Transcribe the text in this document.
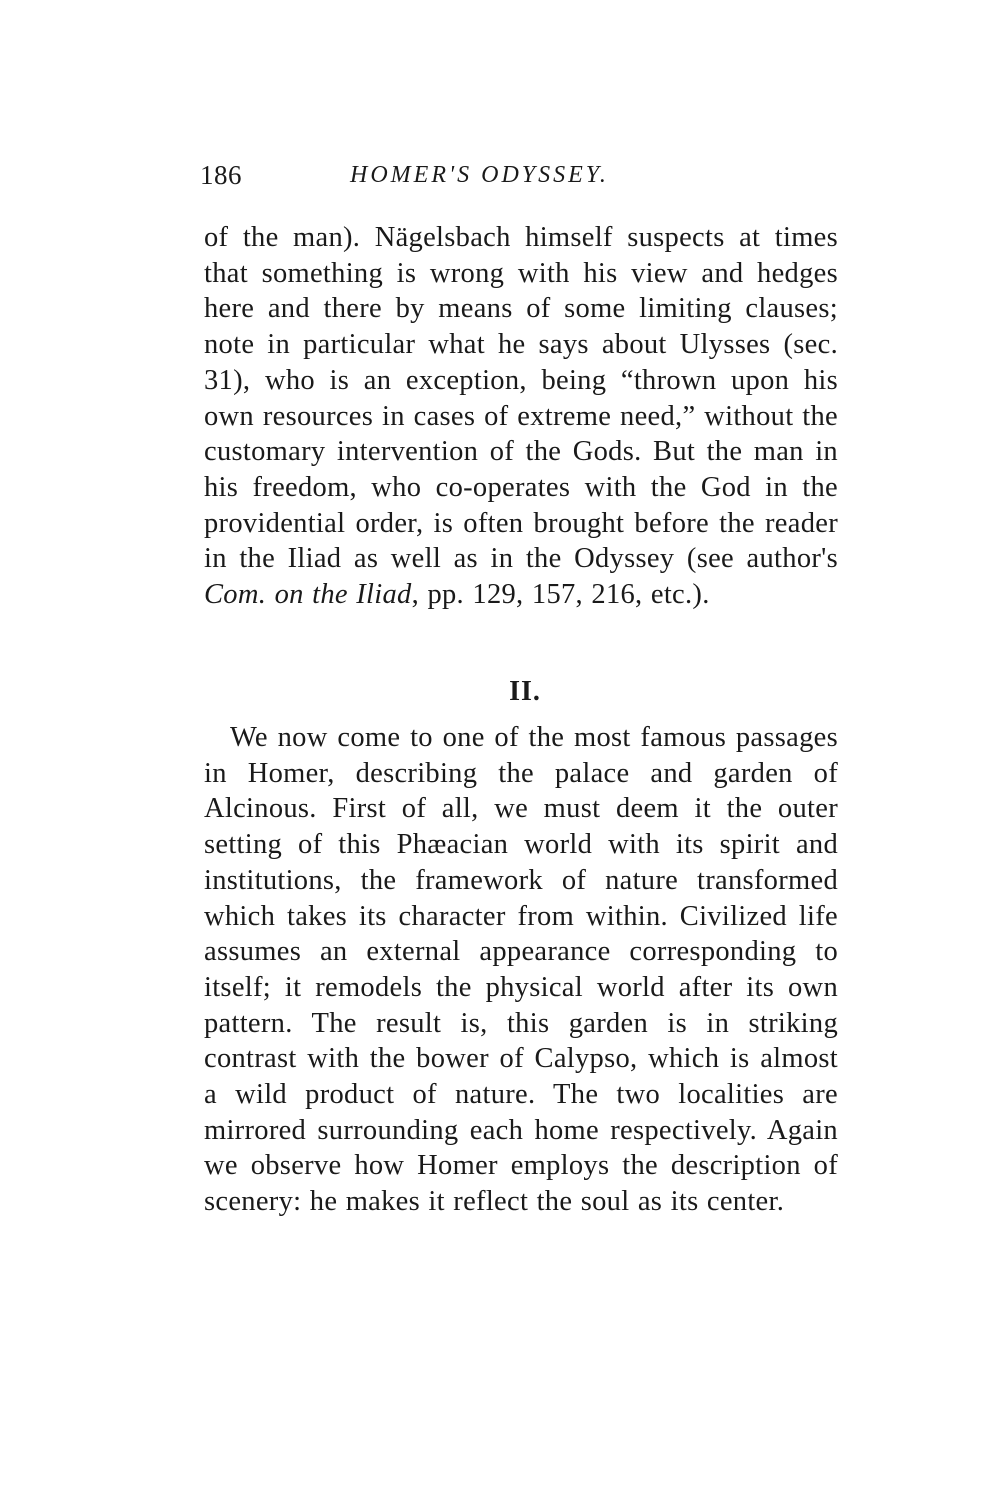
186	HOMER'S ODYSSEY.

of the man). Nägelsbach himself suspects at times that something is wrong with his view and hedges here and there by means of some limiting clauses; note in particular what he says about Ulysses (sec. 31), who is an exception, being “thrown upon his own resources in cases of extreme need,” without the customary intervention of the Gods. But the man in his freedom, who co-operates with the God in the providential order, is often brought before the reader in the Iliad as well as in the Odyssey (see author's Com. on the Iliad, pp. 129, 157, 216, etc.).

II.

We now come to one of the most famous passages in Homer, describing the palace and garden of Alcinous. First of all, we must deem it the outer setting of this Phæacian world with its spirit and institutions, the framework of nature transformed which takes its character from within. Civilized life assumes an external appearance corresponding to itself; it remodels the physical world after its own pattern. The result is, this garden is in striking contrast with the bower of Calypso, which is almost a wild product of nature. The two localities are mirrored surrounding each home respectively. Again we observe how Homer employs the description of scenery: he makes it reflect the soul as its center.
